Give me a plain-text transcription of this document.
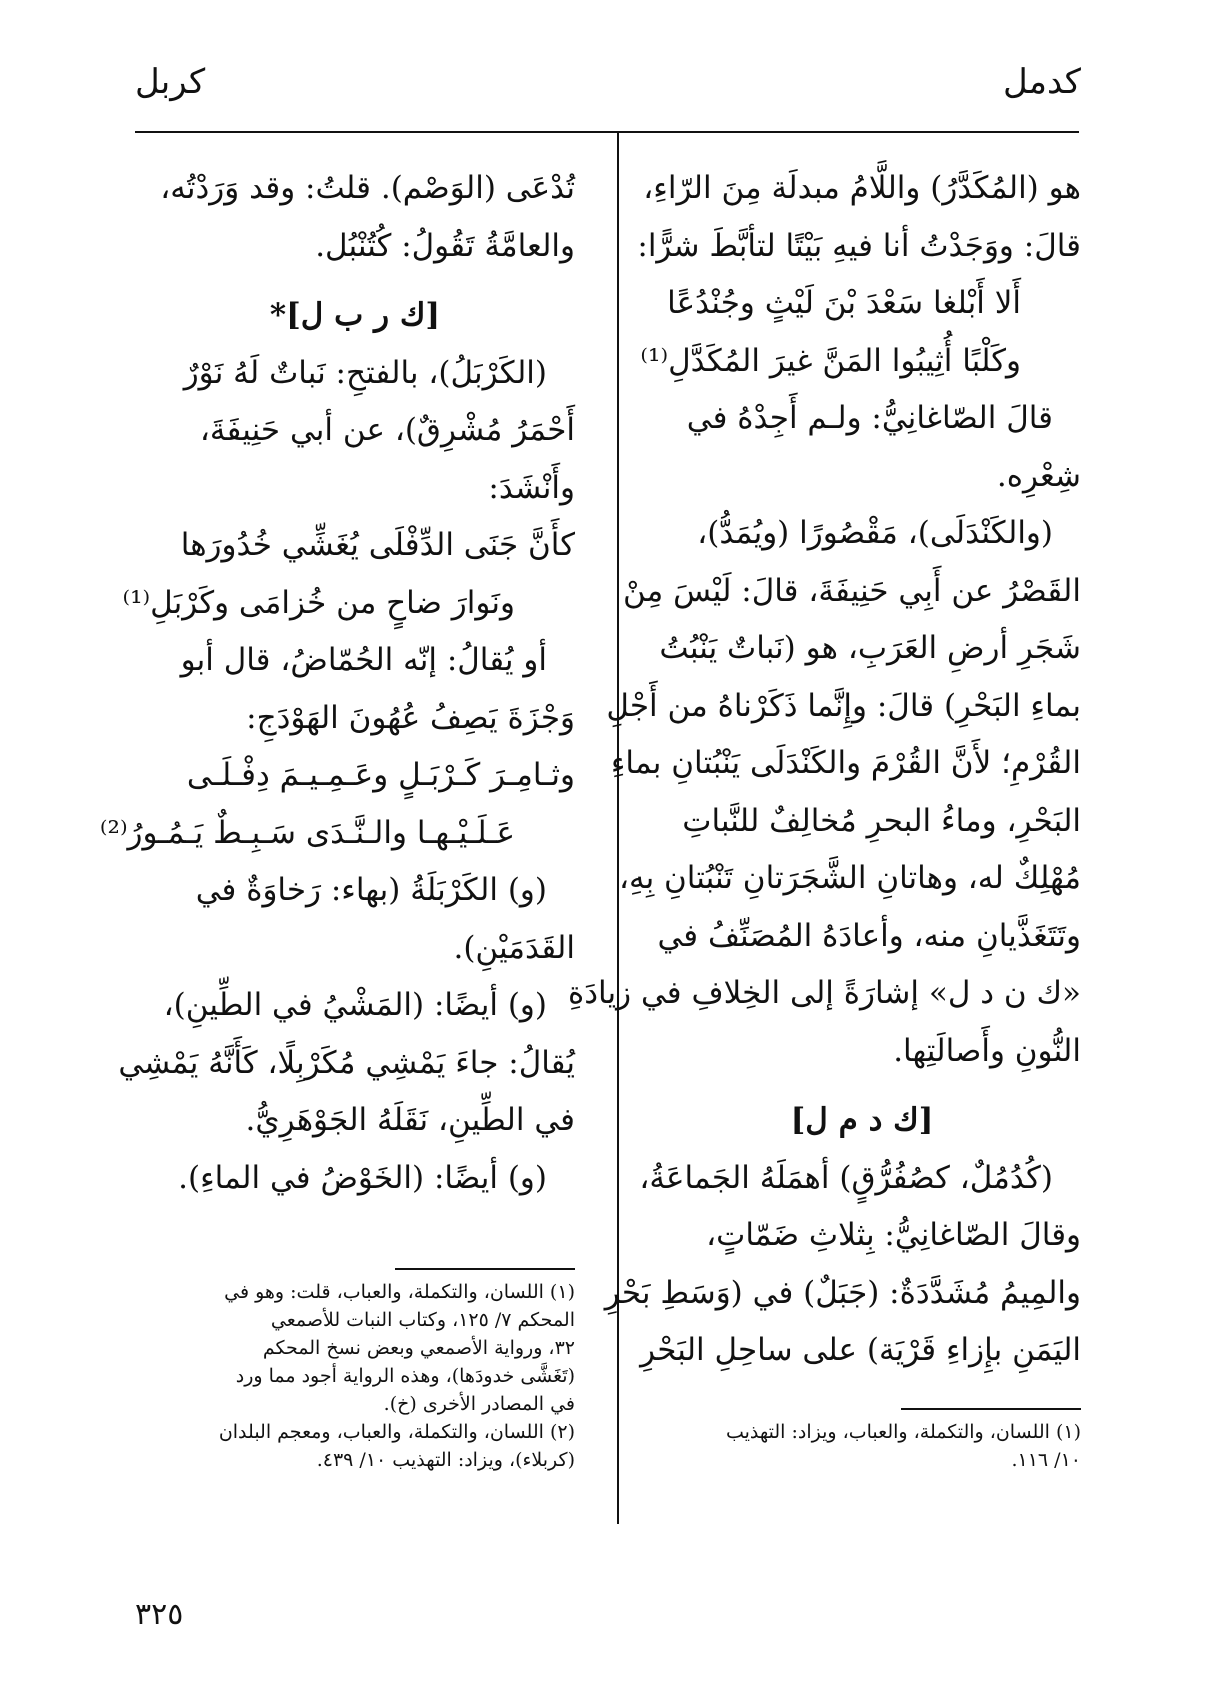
كدمل
كربل
هو (المُكَدَّرُ) واللَّامُ مبدلَة مِنَ الرّاءِ،
قالَ: ووَجَدْتُ أنا فيهِ بَيْتًا لتأبَّطَ شرًّا:
أَلا أَبْلغا سَعْدَ بْنَ لَيْثٍ وجُنْدُعًا
وكَلْبًا أُثِيبُوا المَنَّ غيرَ المُكَدَّلِ⁽¹⁾
قالَ الصّاغانِيُّ: ولـم أَجِدْهُ في
شِعْرِه.
(والكَنْدَلَى)، مَقْصُورًا (ويُمَدُّ)،
القَصْرُ عن أَبِي حَنِيفَةَ، قالَ: لَيْسَ مِنْ
شَجَرِ أرضِ العَرَبِ، هو (نَباتٌ يَنْبُتُ
بماءِ البَحْرِ) قالَ: وإِنَّما ذَكَرْناهُ من أَجْلِ
القُرْمِ؛ لأَنَّ القُرْمَ والكَنْدَلَى يَنْبُتانِ بماءِ
البَحْرِ، وماءُ البحرِ مُخالِفٌ للنَّباتِ
مُهْلِكٌ له، وهاتانِ الشَّجَرَتانِ تَنْبُتانِ بِهِ،
وتَتَغَذَّيانِ منه، وأعادَهُ المُصَنِّفُ في
«ك ن د ل» إشارَةً إلى الخِلافِ في زيادَةِ
النُّونِ وأَصالَتِها.
[ك د م ل]
(كُدُمُلٌ، كصُفُرُّقٍ) أهمَلَهُ الجَماعَةُ،
وقالَ الصّاغانِيُّ: بِثلاثِ ضَمّاتٍ،
والمِيمُ مُشَدَّدَةٌ: (جَبَلٌ) في (وَسَطِ بَحْرِ
اليَمَنِ بإِزاءِ قَرْيَة) على ساحِلِ البَحْرِ
(١) اللسان، والتكملة، والعباب، ويزاد: التهذيب
١٠/ ١١٦.
تُدْعَى (الوَصْم). قلتُ: وقد وَرَدْتُه،
والعامَّةُ تَقُولُ: كُتُنْبُل.
[ك ر ب ل]*
(الكَرْبَلُ)، بالفتحِ: نَباتٌ لَهُ نَوْرٌ
أَحْمَرُ مُشْرِقٌ)، عن أبي حَنِيفَةَ،
وأَنْشَدَ:
كأَنَّ جَنَى الدِّفْلَى يُغَشِّي خُدُورَها
ونَوارَ ضاحٍ من خُزامَى وكَرْبَلِ⁽¹⁾
أو يُقالُ: إنّه الحُمّاضُ، قال أبو
وَجْزَةَ يَصِفُ عُهُونَ الهَوْدَجِ:
وثـامِـرَ كَـرْبَـلٍ وعَـمِـيـمَ دِفْـلَـى
عَـلَـيْـهـا والـنَّـدَى سَـبِـطٌ يَـمُـورُ⁽²⁾
(و) الكَرْبَلَةُ (بهاء: رَخاوَةٌ في
القَدَمَيْنِ).
(و) أيضًا: (المَشْيُ في الطِّينِ)،
يُقالُ: جاءَ يَمْشِي مُكَرْبِلًا، كَأَنَّهُ يَمْشِي
في الطِّينِ، نَقَلَهُ الجَوْهَرِيُّ.
(و) أيضًا: (الخَوْضُ في الماءِ).
(١) اللسان، والتكملة، والعباب، قلت: وهو في
المحكم ٧/ ١٢٥، وكتاب النبات للأصمعي
٣٢، ورواية الأصمعي وبعض نسخ المحكم
(تَغَشَّى خدودَها)، وهذه الرواية أجود مما ورد
في المصادر الأخرى (خ).
(٢) اللسان، والتكملة، والعباب، ومعجم البلدان
(كربلاء)، ويزاد: التهذيب ١٠/ ٤٣٩.
٣٢٥
